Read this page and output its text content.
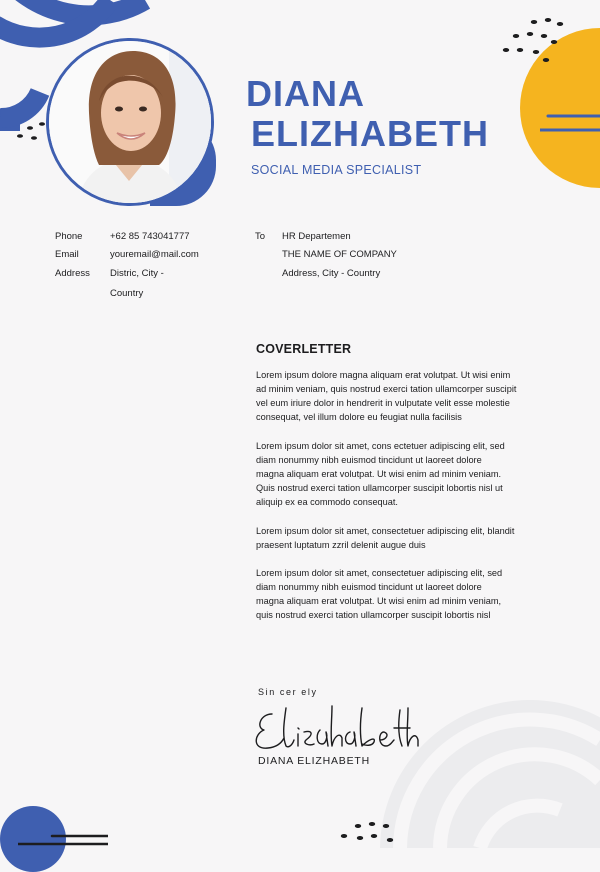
DIANA
ELIZHABETH
SOCIAL MEDIA SPECIALIST
Phone	+62 85 743041777
Email	youremail@mail.com
Address Distric, City -
Country
To HR Departemen
THE NAME OF COMPANY
Address, City - Country
COVERLETTER
Lorem ipsum dolore magna aliquam erat volutpat. Ut wisi enim
ad minim veniam, quis nostrud exerci tation ullamcorper suscipit
vel eum iriure dolor in hendrerit in vulputate velit esse molestie
consequat, vel illum dolore eu feugiat nulla facilisis
Lorem ipsum dolor sit amet, cons ectetuer adipiscing elit, sed
diam nonummy nibh euismod tincidunt ut laoreet dolore
magna aliquam erat volutpat. Ut wisi enim ad minim veniam.
Quis nostrud exerci tation ullamcorper suscipit lobortis nisl ut
aliquip ex ea commodo consequat.
Lorem ipsum dolor sit amet, consectetuer adipiscing elit, blandit
praesent luptatum zzril delenit augue duis
Lorem ipsum dolor sit amet, consectetuer adipiscing elit, sed
diam nonummy nibh euismod tincidunt ut laoreet dolore
magna aliquam erat volutpat. Ut wisi enim ad minim veniam,
quis nostrud exerci tation ullamcorper suscipit lobortis nisl
Sin cer ely
DIANA ELIZHABETH
